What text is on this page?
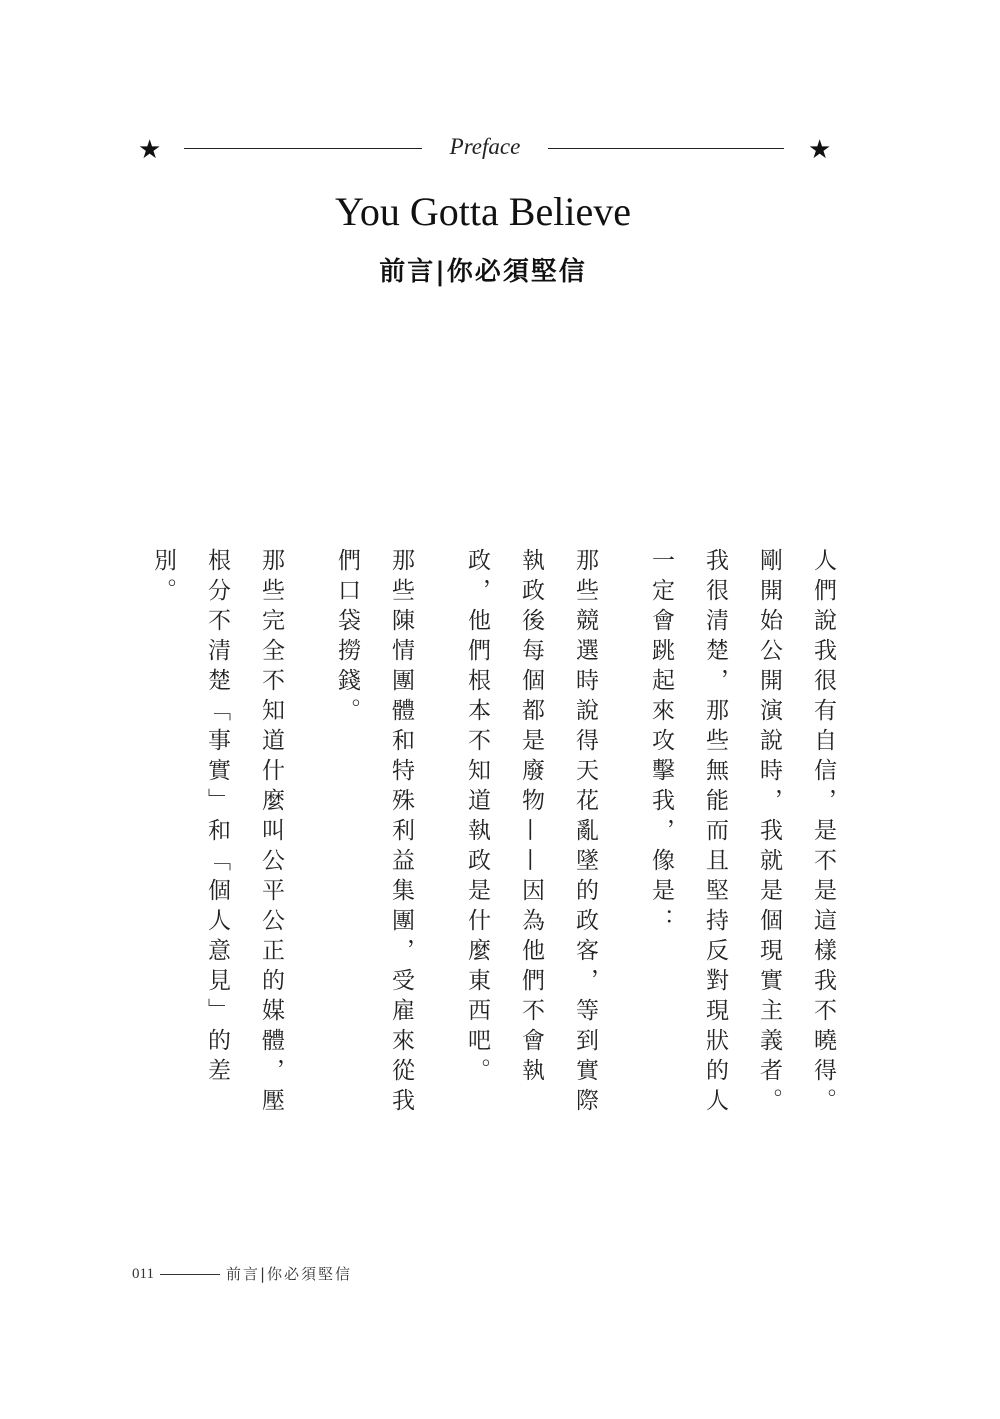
★	Preface	★
You Gotta Believe
前言|你必須堅信

人們說我很有自信，是不是這樣我不曉得。

剛開始公開演說時，我就是個現實主義者。

我很清楚，那些無能而且堅持反對現狀的人一定會跳起來攻擊我，像是：

那些競選時說得天花亂墜的政客，等到實際執政後每個都是廢物——因為他們不會執政，他們根本不知道執政是什麼東西吧。

那些陳情團體和特殊利益集團，受雇來從我們口袋撈錢。

那些完全不知道什麼叫公平公正的媒體，壓根分不清楚「事實」和「個人意見」的差別。

011	前言|你必須堅信
